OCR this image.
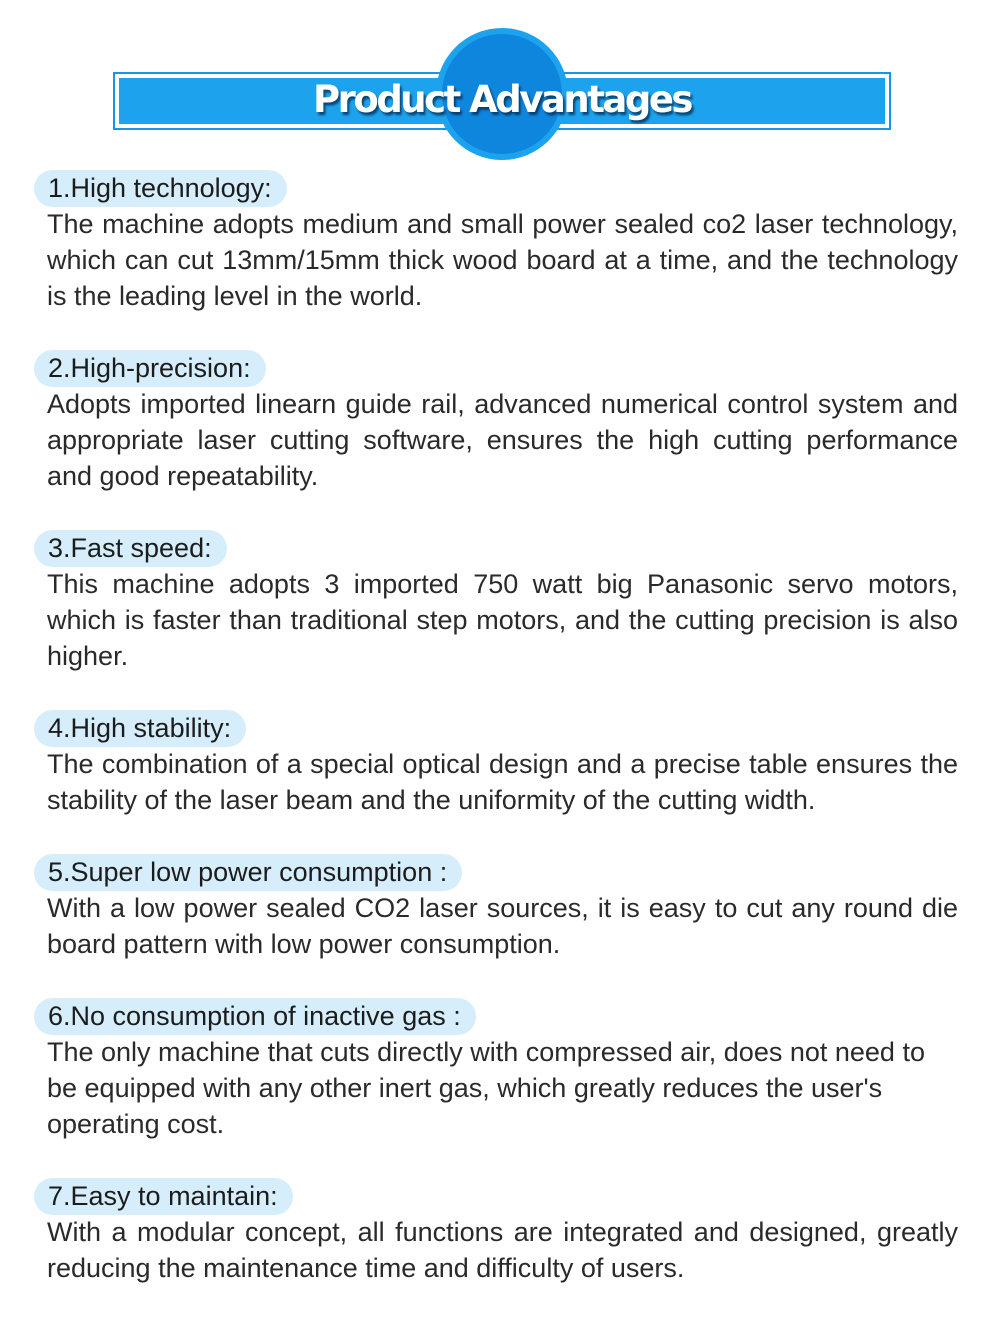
Product Advantages
1.High technology:

The machine adopts medium and small power sealed co2 laser technology, which can cut 13mm/15mm thick wood board at a time, and the technology is the leading level in the world.

2.High-precision:

Adopts imported linearn guide rail, advanced numerical control system and appropriate laser cutting software, ensures the high cutting performance and good repeatability.

3.Fast speed:

This machine adopts 3 imported 750 watt big Panasonic servo motors, which is faster than traditional step motors, and the cutting precision is also higher.

4.High stability:

The combination of a special optical design and a precise table ensures the stability of the laser beam and the uniformity of the cutting width.

5.Super low power consumption :

With a low power sealed CO2 laser sources, it is easy to cut any round die board pattern with low power consumption.

6.No consumption of inactive gas :

The only machine that cuts directly with compressed air, does not need to be equipped with any other inert gas, which greatly reduces the user's operating cost.

7.Easy to maintain:

With a modular concept, all functions are integrated and designed, greatly reducing the maintenance time and difficulty of users.
